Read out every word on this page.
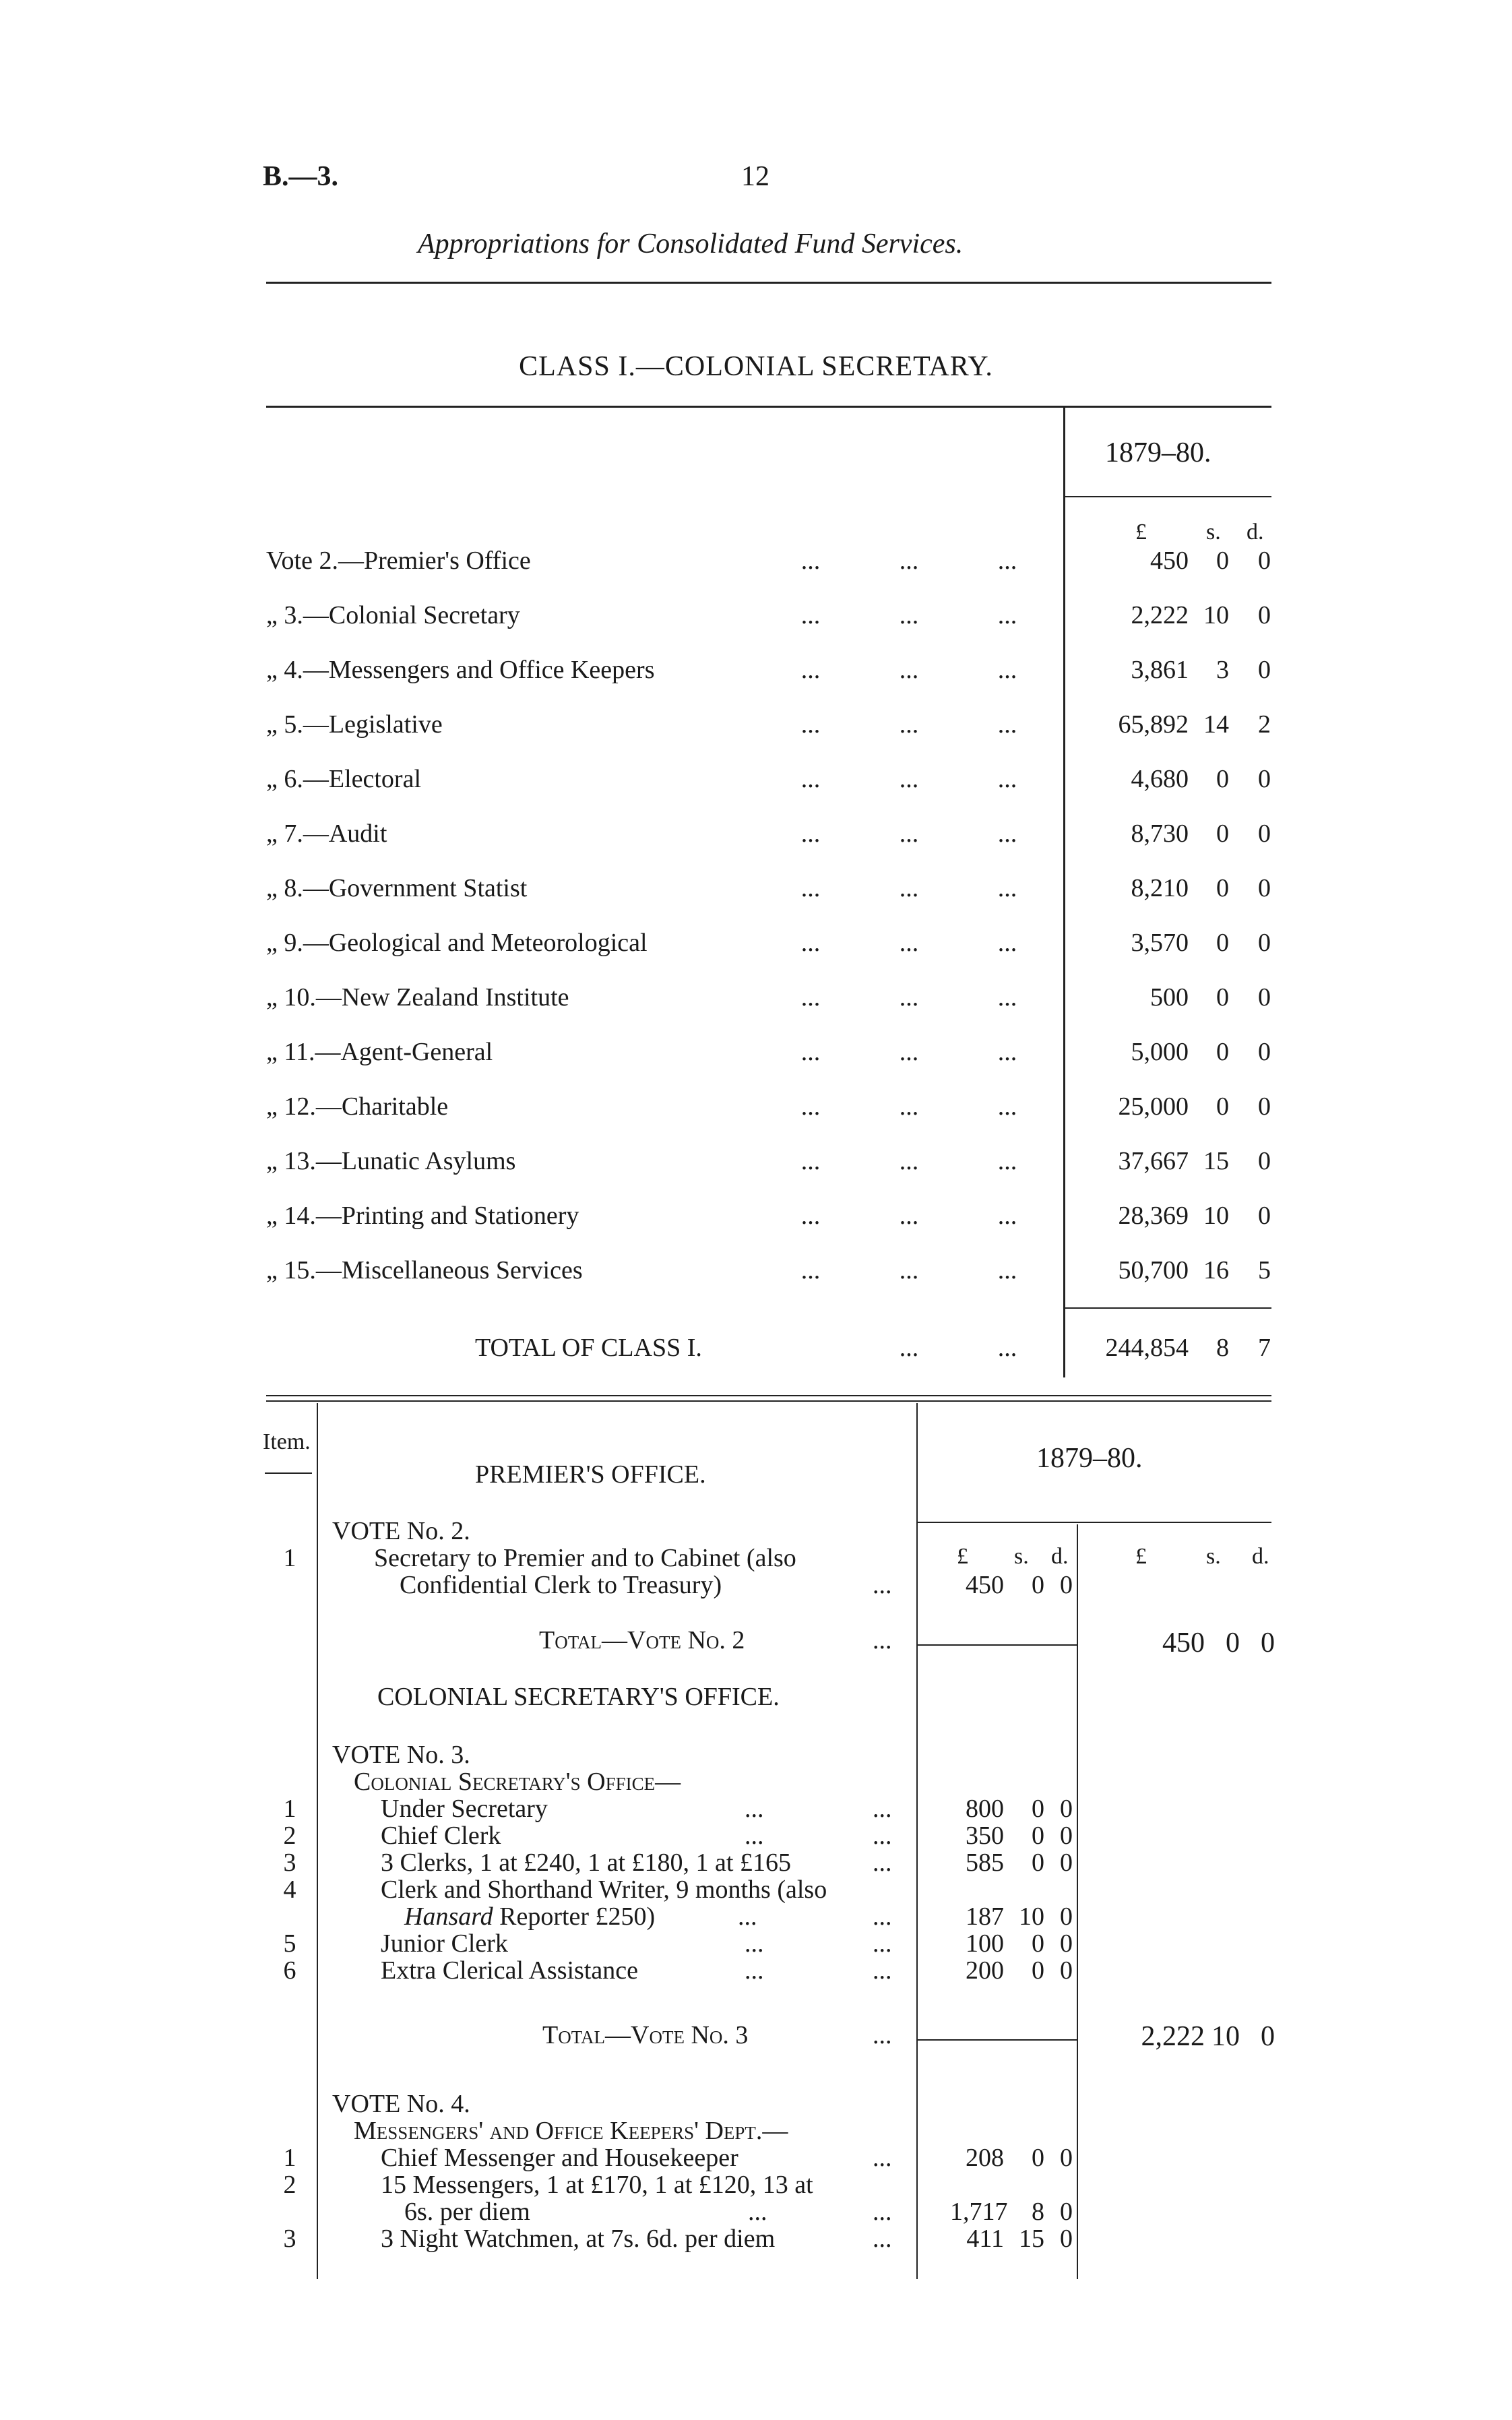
B.—3.	12
Appropriations for Consolidated Fund Services.
CLASS I.—COLONIAL SECRETARY.
1879–80.
£	s. d.
Vote 2.—Premier's Office	...	...	...	450	0	0
„ 3.—Colonial Secretary	...	...	...	2,222 10	0
„ 4.—Messengers and Office Keepers	...	...	...	3,861	3	0
„ 5.—Legislative	...	...	...	65,892 14	2
„ 6.—Electoral	...	...	...	4,680	0	0
„ 7.—Audit	...	...	...	8,730	0	0
„ 8.—Government Statist	...	...	...	8,210	0	0
„ 9.—Geological and Meteorological	...	...	...	3,570	0	0
„ 10.—New Zealand Institute	...	...	...	500	0	0
„ 11.—Agent-General	...	...	...	5,000	0	0
„ 12.—Charitable	...	...	...	25,000	0	0
„ 13.—Lunatic Asylums	...	...	...	37,667 15	0
„ 14.—Printing and Stationery	...	...	...	28,369 10	0
„ 15.—Miscellaneous Services	...	...	...	50,700 16	5
TOTAL OF CLASS I.	...	...	244,854	8	7
Item.
1879–80.
PREMIER'S OFFICE.
VOTE No. 2.
1	Secretary to Premier and to Cabinet (also
Confidential Clerk to Treasury)	...
£ s. d.	£	s. d.
450	0 0
Total—Vote No. 2	...	450 0 0
COLONIAL SECRETARY'S OFFICE.
VOTE No. 3.
Colonial Secretary's Office—
1	Under Secretary	...	...	800	0 0
2	Chief Clerk	...	...	350	0 0
3	3 Clerks, 1 at £240, 1 at £180, 1 at £165	...	585	0 0
4	Clerk and Shorthand Writer, 9 months (also
Hansard Reporter £250)	...	...	187 10 0
5	Junior Clerk	...	...	100	0 0
6	Extra Clerical Assistance	...	...	200	0 0
Total—Vote No. 3	...	2,222 10 0
VOTE No. 4.
Messengers' and Office Keepers' Dept.—
1	Chief Messenger and Housekeeper	...	208	0 0
2	15 Messengers, 1 at £170, 1 at £120, 13 at
6s. per diem	...	...	1,717 8 0
3	3 Night Watchmen, at 7s. 6d. per diem	...	411 15 0
